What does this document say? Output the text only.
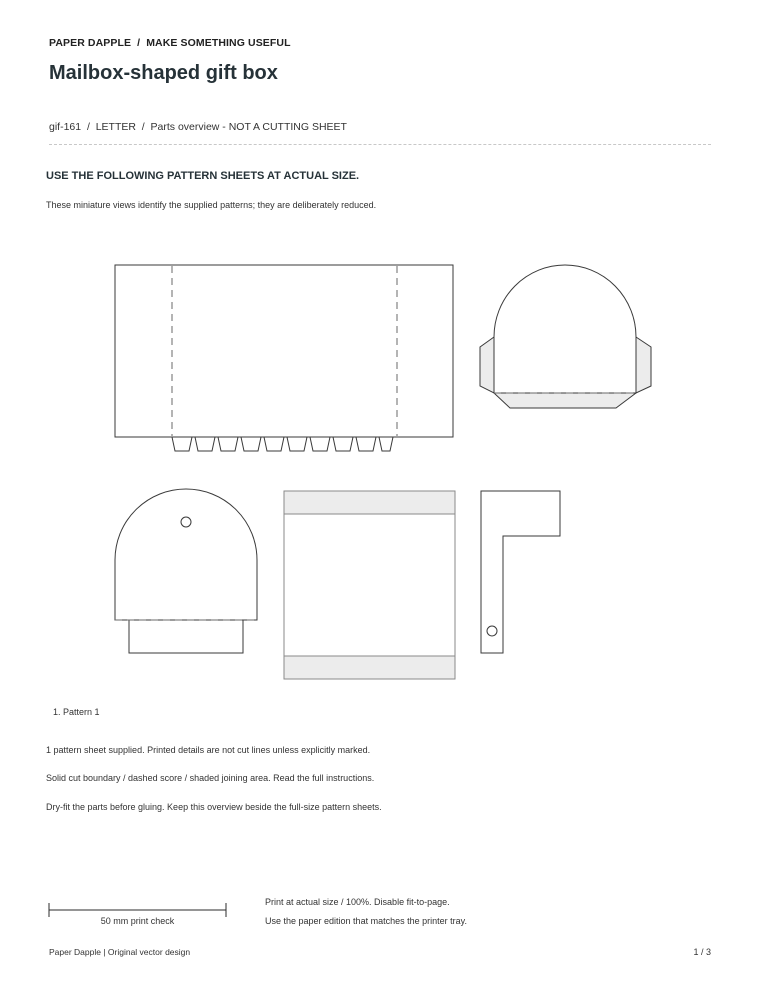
PAPER DAPPLE  /  MAKE SOMETHING USEFUL
Mailbox-shaped gift box
gif-161  /  LETTER  /  Parts overview - NOT A CUTTING SHEET
USE THE FOLLOWING PATTERN SHEETS AT ACTUAL SIZE.
These miniature views identify the supplied patterns; they are deliberately reduced.
1. Pattern 1
1 pattern sheet supplied. Printed details are not cut lines unless explicitly marked.
Solid cut boundary / dashed score / shaded joining area. Read the full instructions.
Dry-fit the parts before gluing. Keep this overview beside the full-size pattern sheets.
50 mm print check
Print at actual size / 100%. Disable fit-to-page.
Use the paper edition that matches the printer tray.
Paper Dapple | Original vector design	1 / 3
